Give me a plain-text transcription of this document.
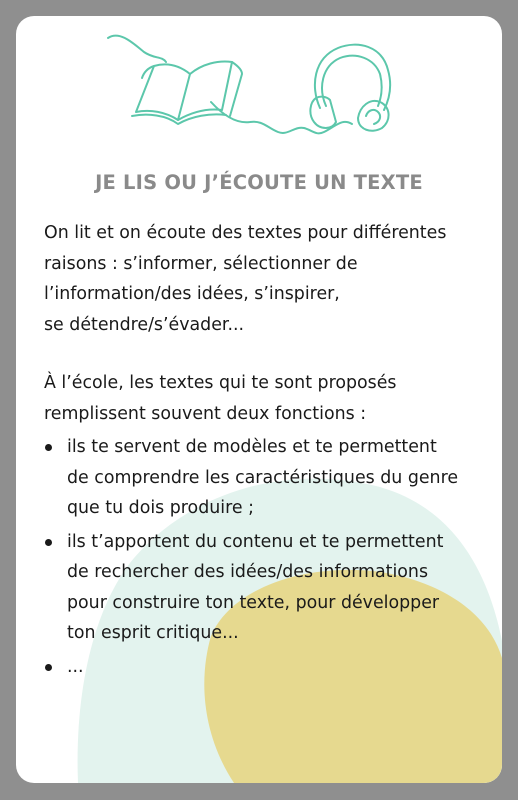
JE LIS OU J’ÉCOUTE UN TEXTE

On lit et on écoute des textes pour différentes
raisons : s’informer, sélectionner de
l’information/des idées, s’inspirer,
se détendre/s’évader...

À l’école, les textes qui te sont proposés
remplissent souvent deux fonctions :

ils te servent de modèles et te permettent
de comprendre les caractéristiques du genre
que tu dois produire ;
ils t’apportent du contenu et te permettent
de rechercher des idées/des informations
pour construire ton texte, pour développer
ton esprit critique...
...
